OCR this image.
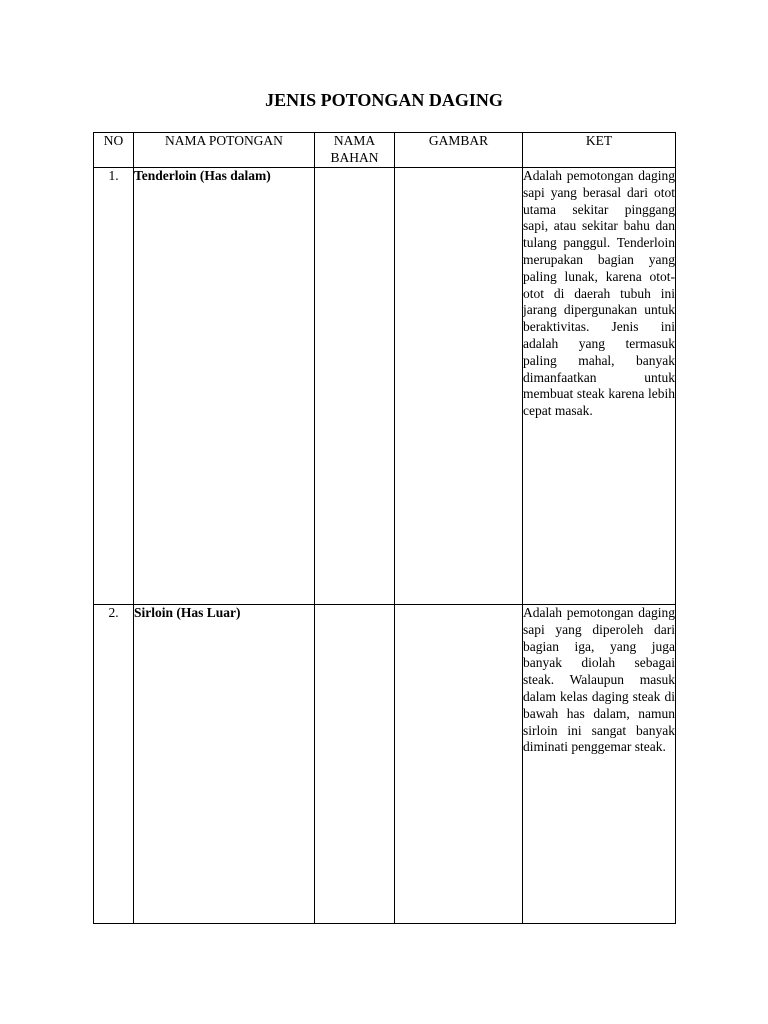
JENIS POTONGAN DAGING
NO	NAMA POTONGAN	NAMA BAHAN	GAMBAR	KET
1.	Tenderloin (Has dalam)			Adalah pemotongan daging sapi yang berasal dari otot utama sekitar pinggang sapi, atau sekitar bahu dan tulang panggul. Tenderloin merupakan bagian yang paling lunak, karena otot-otot di daerah tubuh ini jarang dipergunakan untuk beraktivitas. Jenis ini adalah yang termasuk paling mahal, banyak dimanfaatkan untuk membuat steak karena lebih cepat masak.

2.	Sirloin (Has Luar)			Adalah pemotongan daging sapi yang diperoleh dari bagian iga, yang juga banyak diolah sebagai steak. Walaupun masuk dalam kelas daging steak di bawah has dalam, namun sirloin ini sangat banyak diminati penggemar steak.
